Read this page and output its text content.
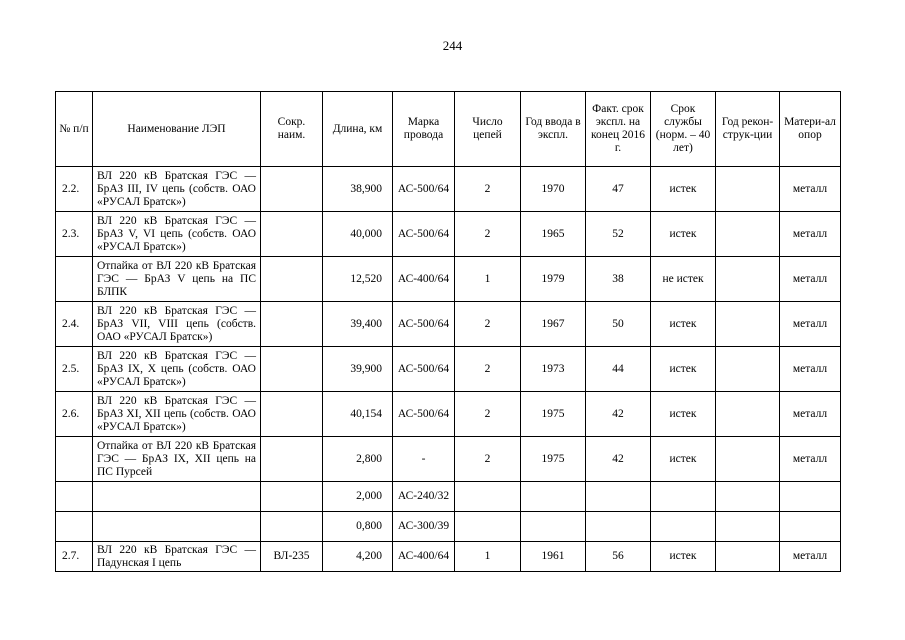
244
№ п/п	Наименование ЛЭП	Сокр. наим.	Длина, км	Марка провода	Число цепей	Год ввода в экспл.	Факт. срок экспл. на конец 2016 г.	Срок службы (норм. – 40 лет)	Год рекон-струк-ции	Матери-ал опор
2.2.	ВЛ 220 кВ Братская ГЭС — БрАЗ III, IV цепь (собств. ОАО «РУСАЛ Братск»)		38,900	АС-500/64	2	1970	47	истек		металл
2.3.	ВЛ 220 кВ Братская ГЭС — БрАЗ V, VI цепь (собств. ОАО «РУСАЛ Братск»)		40,000	АС-500/64	2	1965	52	истек		металл
	Отпайка от ВЛ 220 кВ Братская ГЭС — БрАЗ V цепь на ПС БЛПК		12,520	АС-400/64	1	1979	38	не истек		металл
2.4.	ВЛ 220 кВ Братская ГЭС — БрАЗ VII, VIII цепь (собств. ОАО «РУСАЛ Братск»)		39,400	АС-500/64	2	1967	50	истек		металл
2.5.	ВЛ 220 кВ Братская ГЭС — БрАЗ IX, X цепь (собств. ОАО «РУСАЛ Братск»)		39,900	АС-500/64	2	1973	44	истек		металл
2.6.	ВЛ 220 кВ Братская ГЭС — БрАЗ XI, XII цепь (собств. ОАО «РУСАЛ Братск»)		40,154	АС-500/64	2	1975	42	истек		металл
	Отпайка от ВЛ 220 кВ Братская ГЭС — БрАЗ IX, XII цепь на ПС Пурсей		2,800	-	2	1975	42	истек		металл
			2,000	АС-240/32						
			0,800	АС-300/39						
2.7.	ВЛ 220 кВ Братская ГЭС — Падунская I цепь	ВЛ-235	4,200	АС-400/64	1	1961	56	истек		металл
